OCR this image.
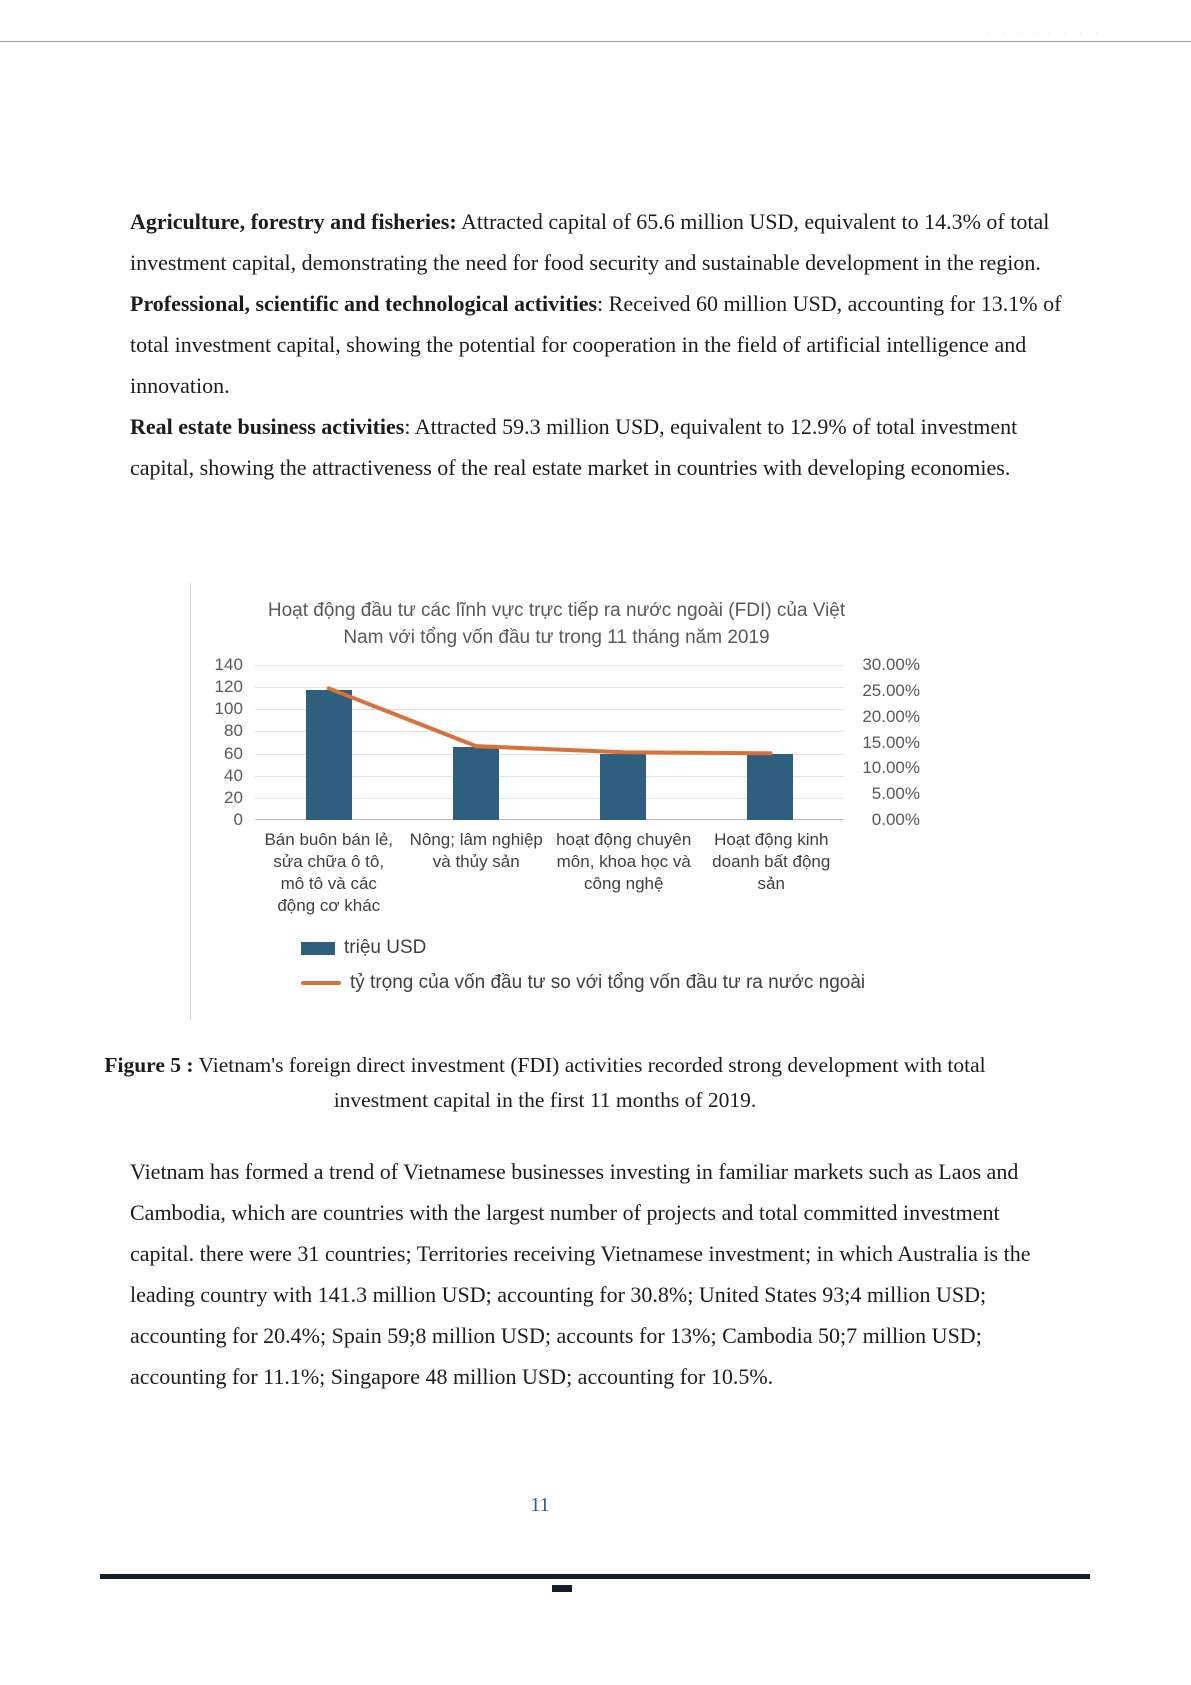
· · · · · · · ·

Agriculture, forestry and fisheries: Attracted capital of 65.6 million USD, equivalent to 14.3% of total investment capital, demonstrating the need for food security and sustainable development in the region.

Professional, scientific and technological activities: Received 60 million USD, accounting for 13.1% of total investment capital, showing the potential for cooperation in the field of artificial intelligence and innovation.

Real estate business activities: Attracted 59.3 million USD, equivalent to 12.9% of total investment capital, showing the attractiveness of the real estate market in countries with developing economies.

Hoạt động đầu tư các lĩnh vực trực tiếp ra nước ngoài (FDI) của Việt Nam với tổng vốn đầu tư trong 11 tháng năm 2019
0
20
40
60
80
100
120
140
0.00%
5.00%
10.00%
15.00%
20.00%
25.00%
30.00%
Bán buôn bán lẻ, sửa chữa ô tô, mô tô và các động cơ khác
Nông; lâm nghiệp và thủy sản
hoạt động chuyên môn, khoa học và công nghệ
Hoạt động kinh doanh bất động sản
triệu USD
tỷ trọng của vốn đầu tư so với tổng vốn đầu tư ra nước ngoài
Figure 5 : Vietnam's foreign direct investment (FDI) activities recorded strong development with total investment capital in the first 11 months of 2019.

Vietnam has formed a trend of Vietnamese businesses investing in familiar markets such as Laos and Cambodia, which are countries with the largest number of projects and total committed investment capital. there were 31 countries; Territories receiving Vietnamese investment; in which Australia is the leading country with 141.3 million USD; accounting for 30.8%; United States 93;4 million USD; accounting for 20.4%; Spain 59;8 million USD; accounts for 13%; Cambodia 50;7 million USD; accounting for 11.1%; Singapore 48 million USD; accounting for 10.5%.

11
